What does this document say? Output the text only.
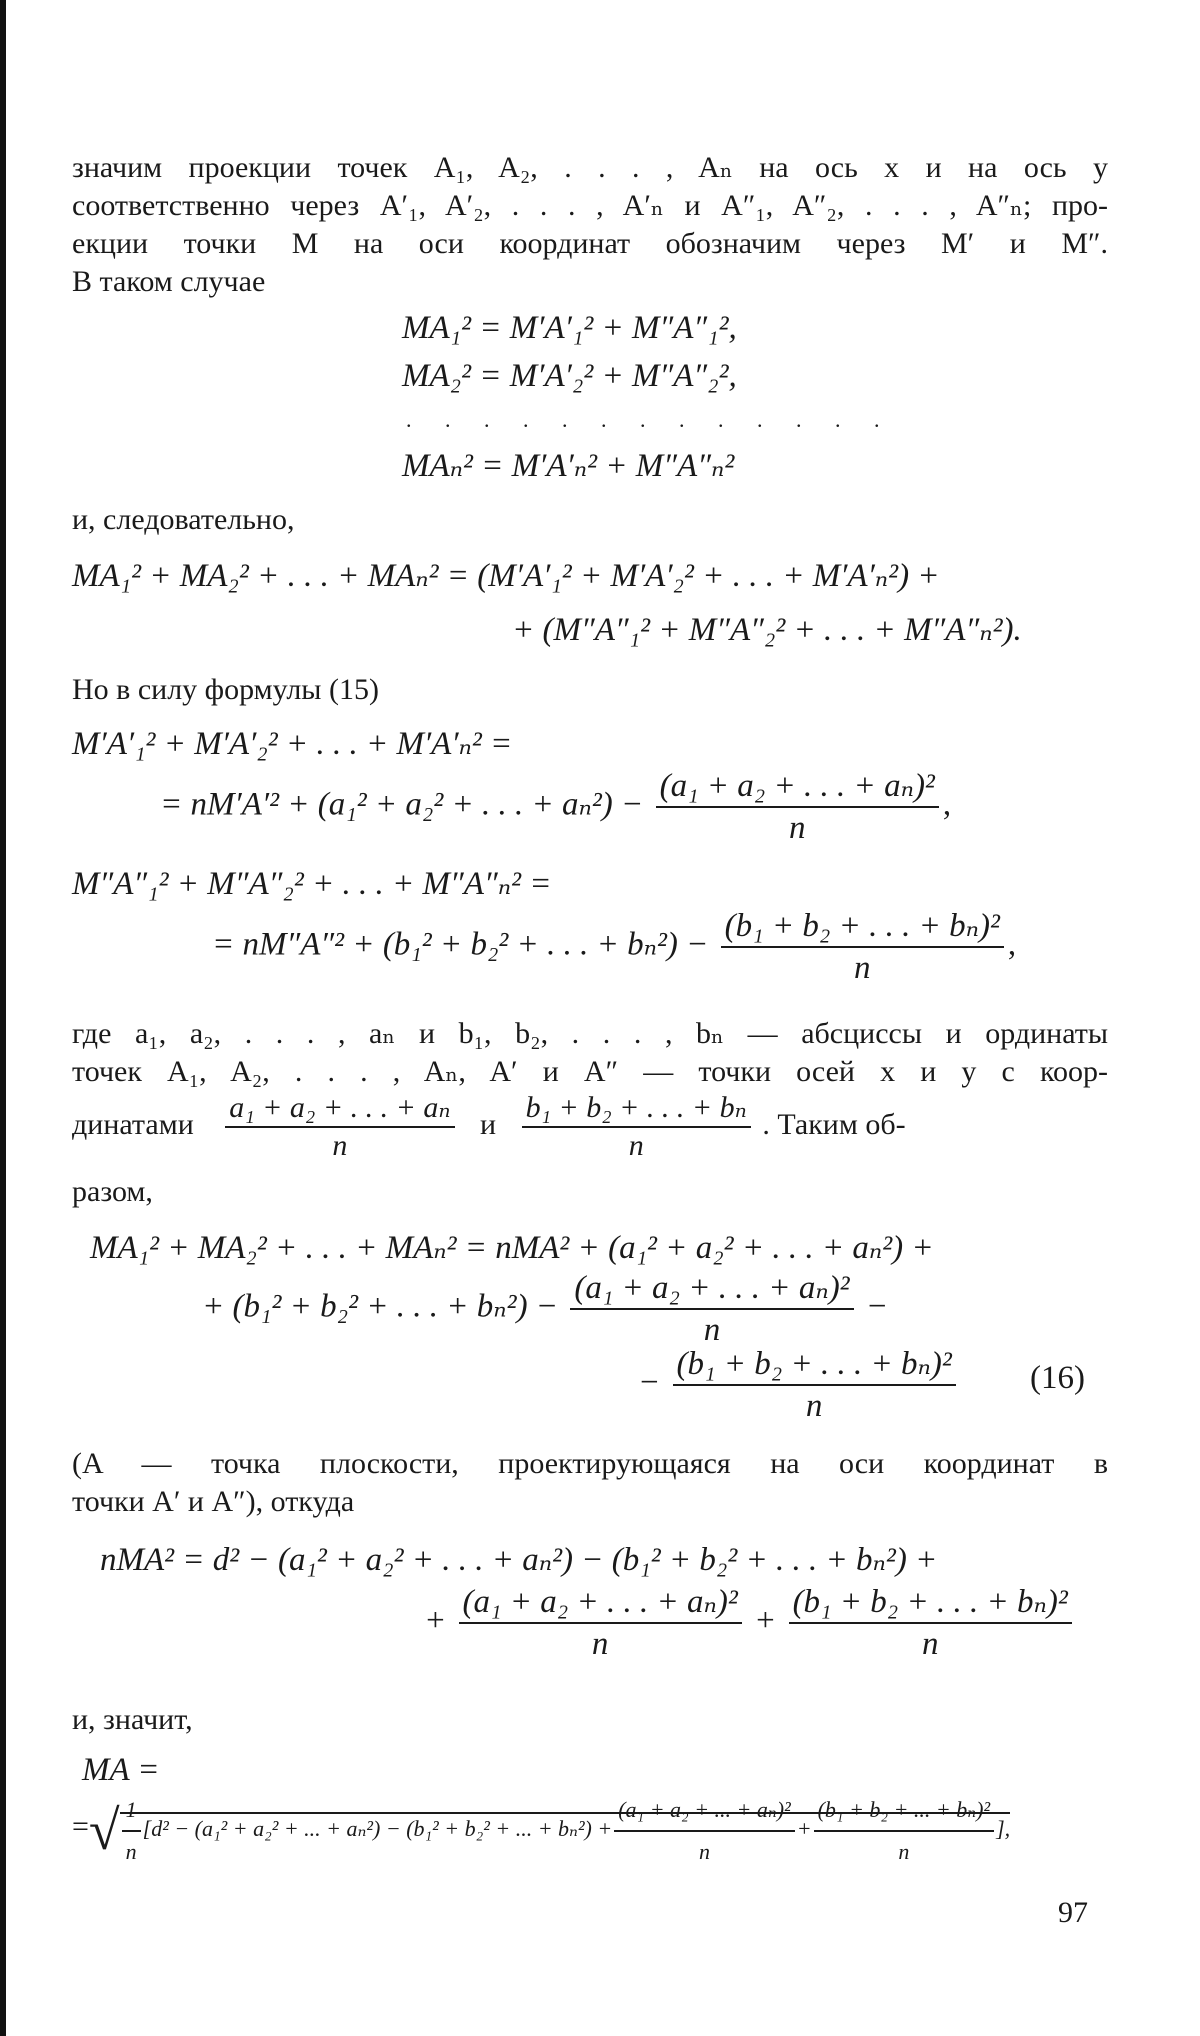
значим проекции точек A₁, A₂, . . . , Aₙ на ось x и на ось y
соответственно через A′₁, A′₂, . . . , A′ₙ и A″₁, A″₂, . . . , A″ₙ; про-
екции точки M на оси координат обозначим через M′ и M″.
В таком случае
MA₁² = M′A′₁² + M″A″₁²,
MA₂² = M′A′₂² + M″A″₂²,
. . . . . . . . . . . . .
MAₙ² = M′A′ₙ² + M″A″ₙ²
и, следовательно,
MA₁² + MA₂² + . . . + MAₙ² = (M′A′₁² + M′A′₂² + . . . + M′A′ₙ²) +
+ (M″A″₁² + M″A″₂² + . . . + M″A″ₙ²).
Но в силу формулы (15)
M′A′₁² + M′A′₂² + . . . + M′A′ₙ² =
= nM′A′² + (a₁² + a₂² + . . . + $a_n^2) - \frac{\text{(a₁ + a₂ + . . . + aₙ)²}}{n}$ ,
M″A″₁² + M″A″₂² + . . . + M″A″ₙ² =
= nM″A″² + (b₁² + b₂² + . . . + $b_n^2) - \frac{\text{(b₁ + b₂ + . . . + bₙ)²}}{n}$ ,
где a₁, a₂, . . . , aₙ и b₁, b₂, . . . , bₙ — абсциссы и ординаты
точек A₁, A₂, . . . , Aₙ, A′ и A″ — точки осей x и y с коор-
динатами $\frac{\text{a₁ + a₂ + . . . + aₙ}}{n}$ и $\frac{\text{b₁ + b₂ + . . . + bₙ}}{n}$ . Таким об-
разом,
MA₁² + MA₂² + . . . + MAₙ² = nMA² + (a₁² + a₂² + . . . + aₙ²) +
+ (b₁² + b₂² + . . . + $b_n^2) - \frac{\text{(a₁ + a₂ + . . . + aₙ)²}}{n}$ −
− $\frac{\text{(b₁ + b₂ + . . . + bₙ)²}}{n} (16)$
(A — точка плоскости, проектирующаяся на оси координат в
точки A′ и A″), откуда
nMA² = d² − (a₁² + a₂² + . . . + aₙ²) − (b₁² + b₂² + . . . + bₙ²) +
+ $\frac{\text{(a₁ + a₂ + . . . + aₙ)²}}{n} + \frac{\text{(b₁ + b₂ + . . . + bₙ)²}}{n}$
и, значит,
MA =
=√ $\frac{1}{n} [d^2 - (a_1^2 + a_2^2$ + ... + aₙ²) − (b₁² + b₂² + ... + $b_n^2) + \frac{\text{(a₁ + a₂ + ... + aₙ)²}}{n} + \frac{\text{(b₁ + b₂ + ... + bₙ)²}}{n}$ ],
97
